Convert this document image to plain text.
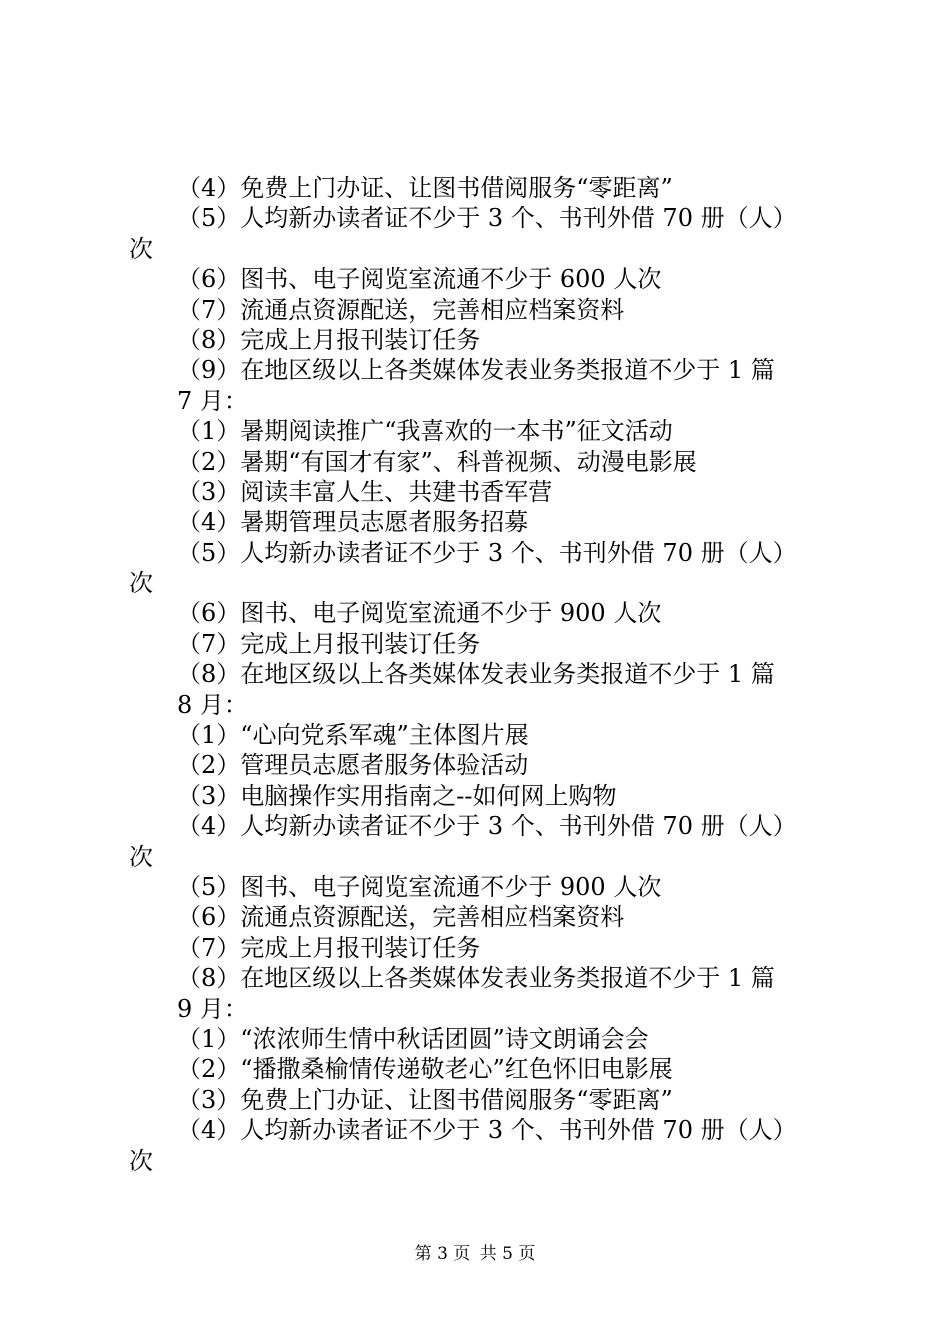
（4）免费上门办证、让图书借阅服务“零距离”
（5）人均新办读者证不少于 3 个、书刊外借 70 册（人）
次
（6）图书、电子阅览室流通不少于 600 人次
（7）流通点资源配送，完善相应档案资料
（8）完成上月报刊装订任务
（9）在地区级以上各类媒体发表业务类报道不少于 1 篇
7 月：
（1）暑期阅读推广“我喜欢的一本书”征文活动
（2）暑期“有国才有家”、科普视频、动漫电影展
（3）阅读丰富人生、共建书香军营
（4）暑期管理员志愿者服务招募
（5）人均新办读者证不少于 3 个、书刊外借 70 册（人）
次
（6）图书、电子阅览室流通不少于 900 人次
（7）完成上月报刊装订任务
（8）在地区级以上各类媒体发表业务类报道不少于 1 篇
8 月：
（1）“心向党系军魂”主体图片展
（2）管理员志愿者服务体验活动
（3）电脑操作实用指南之--如何网上购物
（4）人均新办读者证不少于 3 个、书刊外借 70 册（人）
次
（5）图书、电子阅览室流通不少于 900 人次
（6）流通点资源配送，完善相应档案资料
（7）完成上月报刊装订任务
（8）在地区级以上各类媒体发表业务类报道不少于 1 篇
9 月：
（1）“浓浓师生情中秋话团圆”诗文朗诵会会
（2）“播撒桑榆情传递敬老心”红色怀旧电影展
（3）免费上门办证、让图书借阅服务“零距离”
（4）人均新办读者证不少于 3 个、书刊外借 70 册（人）
次
第 3 页 共 5 页
